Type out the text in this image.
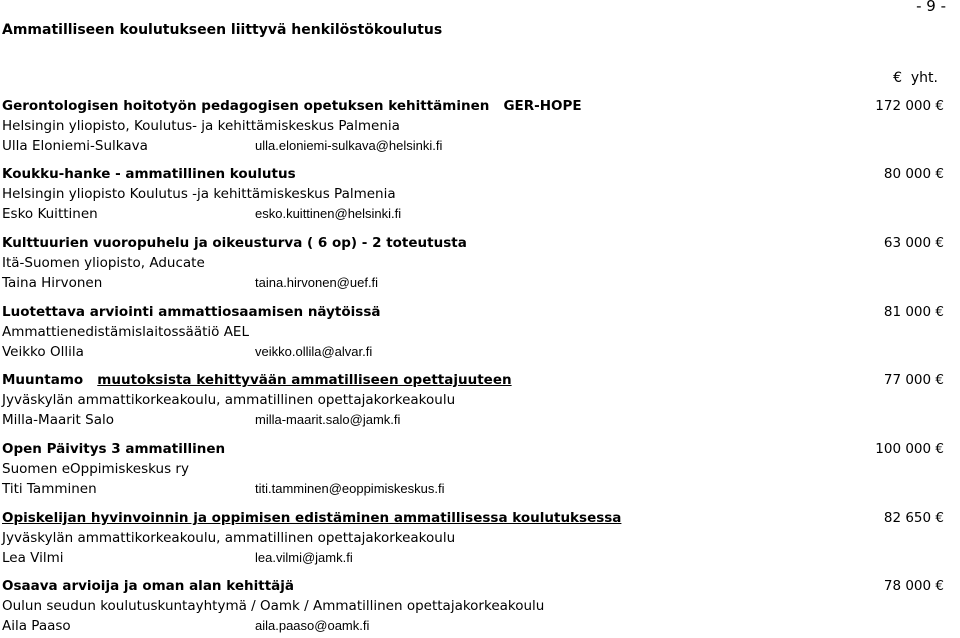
- 9 -
Ammatilliseen koulutukseen liittyvä henkilöstökoulutus
€ yht.
Gerontologisen hoitotyön pedagogisen opetuksen kehittäminen   GER-HOPE	172 000 €
Helsingin yliopisto, Koulutus- ja kehittämiskeskus Palmenia
Ulla Eloniemi-Sulkava	ulla.eloniemi-sulkava@helsinki.fi
Koukku-hanke - ammatillinen koulutus	80 000 €
Helsingin yliopisto Koulutus -ja kehittämiskeskus Palmenia
Esko Kuittinen	esko.kuittinen@helsinki.fi
Kulttuurien vuoropuhelu ja oikeusturva ( 6 op) - 2 toteutusta	63 000 €
Itä-Suomen yliopisto, Aducate
Taina Hirvonen	taina.hirvonen@uef.fi
Luotettava arviointi ammattiosaamisen näytöissä	81 000 €
Ammattienedistämislaitossäätiö AEL
Veikko Ollila	veikko.ollila@alvar.fi
Muuntamo muutoksista kehittyvään ammatilliseen opettajuuteen	77 000 €
Jyväskylän ammattikorkeakoulu, ammatillinen opettajakorkeakoulu
Milla-Maarit Salo	milla-maarit.salo@jamk.fi
Open Päivitys 3 ammatillinen	100 000 €
Suomen eOppimiskeskus ry
Titi Tamminen	titi.tamminen@eoppimiskeskus.fi
Opiskelijan hyvinvoinnin ja oppimisen edistäminen ammatillisessa koulutuksessa	82 650 €
Jyväskylän ammattikorkeakoulu, ammatillinen opettajakorkeakoulu
Lea Vilmi	lea.vilmi@jamk.fi
Osaava arvioija ja oman alan kehittäjä	78 000 €
Oulun seudun koulutuskuntayhtymä / Oamk / Ammatillinen opettajakorkeakoulu
Aila Paaso	aila.paaso@oamk.fi
